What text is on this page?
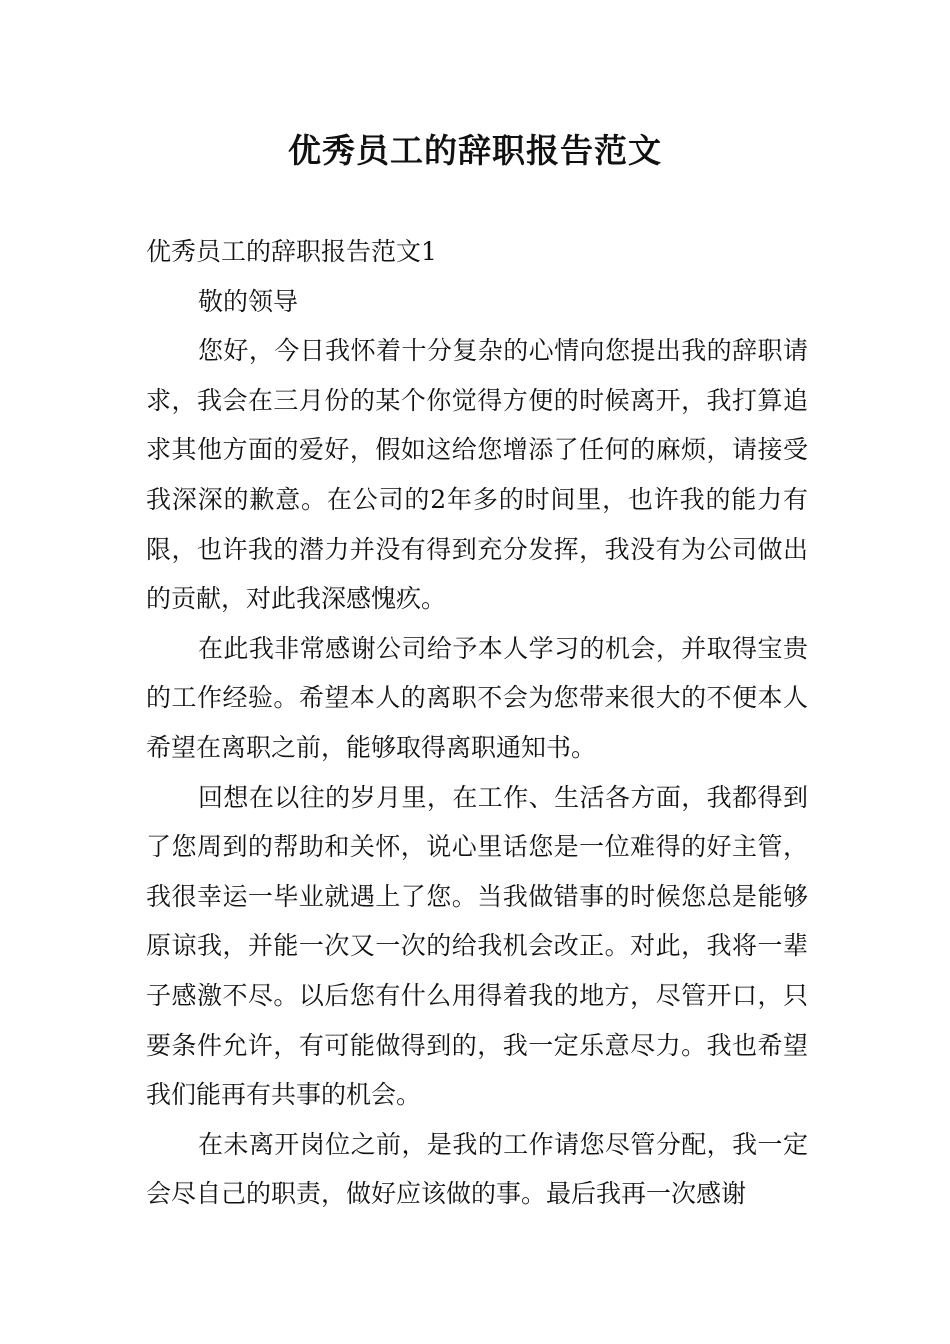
优秀员工的辞职报告范文

优秀员工的辞职报告范文1

敬的领导

您好，今日我怀着十分复杂的心情向您提出我的辞职请求，我会在三月份的某个你觉得方便的时候离开，我打算追求其他方面的爱好，假如这给您增添了任何的麻烦，请接受我深深的歉意。在公司的2年多的时间里，也许我的能力有限，也许我的潜力并没有得到充分发挥，我没有为公司做出的贡献，对此我深感愧疚。

在此我非常感谢公司给予本人学习的机会，并取得宝贵的工作经验。希望本人的离职不会为您带来很大的不便本人希望在离职之前，能够取得离职通知书。

回想在以往的岁月里，在工作、生活各方面，我都得到了您周到的帮助和关怀，说心里话您是一位难得的好主管，我很幸运一毕业就遇上了您。当我做错事的时候您总是能够原谅我，并能一次又一次的给我机会改正。对此，我将一辈子感激不尽。以后您有什么用得着我的地方，尽管开口，只要条件允许，有可能做得到的，我一定乐意尽力。我也希望我们能再有共事的机会。

在未离开岗位之前，是我的工作请您尽管分配，我一定会尽自己的职责，做好应该做的事。最后我再一次感谢
